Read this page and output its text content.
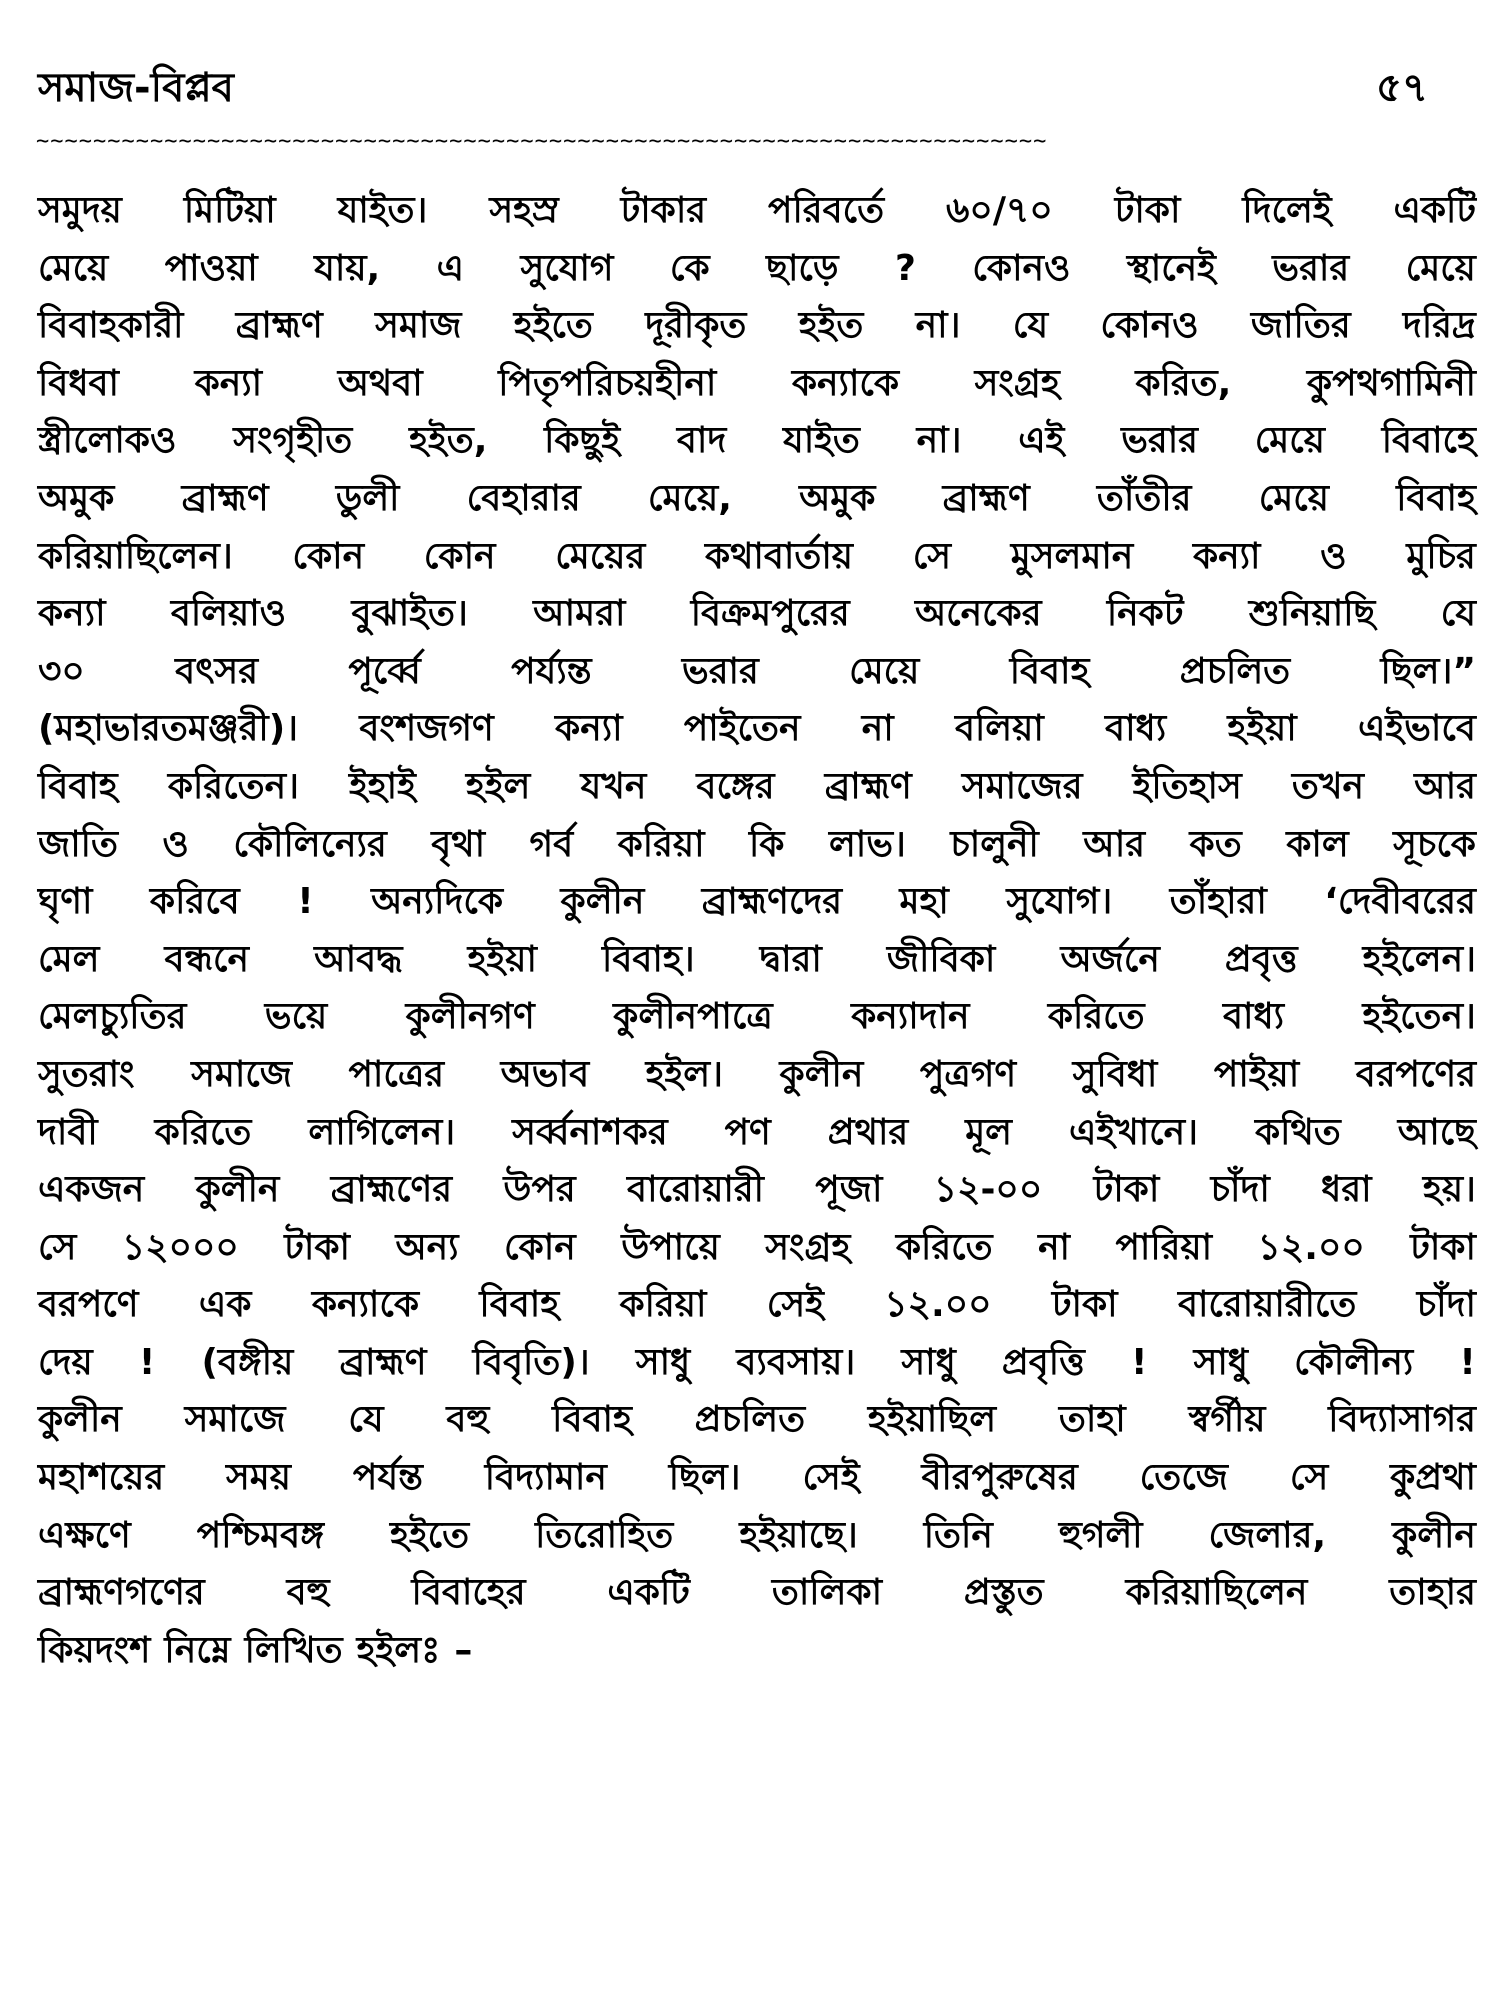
সমাজ-বিপ্লব	৫৭
~~~~~~~~~~~~~~~~~~~~~~~~~~~~~~~~~~~~~~~~~~~~~~~~~~~~~~~~~~~~~~~~~~~~~~~
সমুদয় মিটিয়া যাইত। সহস্র টাকার পরিবর্তে ৬০/৭০ টাকা দিলেই একটি
মেয়ে পাওয়া যায়, এ সুযোগ কে ছাড়ে ? কোনও স্থানেই ভরার মেয়ে
বিবাহকারী ব্রাহ্মণ সমাজ হইতে দূরীকৃত হইত না। যে কোনও জাতির দরিদ্র
বিধবা কন্যা অথবা পিতৃপরিচয়হীনা কন্যাকে সংগ্রহ করিত, কুপথগামিনী
স্ত্রীলোকও সংগৃহীত হইত, কিছুই বাদ যাইত না। এই ভরার মেয়ে বিবাহে
অমুক ব্রাহ্মণ ডুলী বেহারার মেয়ে, অমুক ব্রাহ্মণ তাঁতীর মেয়ে বিবাহ
করিয়াছিলেন। কোন কোন মেয়ের কথাবার্তায় সে মুসলমান কন্যা ও মুচির
কন্যা বলিয়াও বুঝাইত। আমরা বিক্রমপুরের অনেকের নিকট শুনিয়াছি যে
৩০	বৎসর	পূর্ব্বে	পর্য্যন্ত	ভরার	মেয়ে	বিবাহ	প্রচলিত	ছিল।”
(মহাভারতমঞ্জরী)। বংশজগণ কন্যা পাইতেন না বলিয়া বাধ্য হইয়া এইভাবে
বিবাহ করিতেন। ইহাই হইল যখন বঙ্গের ব্রাহ্মণ সমাজের ইতিহাস তখন আর
জাতি ও কৌলিন্যের বৃথা গর্ব করিয়া কি লাভ। চালুনী আর কত কাল সূচকে
ঘৃণা করিবে ! অন্যদিকে কুলীন ব্রাহ্মণদের মহা সুযোগ। তাঁহারা ‘দেবীবরের
মেল বন্ধনে আবদ্ধ হইয়া বিবাহ। দ্বারা জীবিকা অর্জনে প্রবৃত্ত হইলেন।
মেলচ্যুতির ভয়ে কুলীনগণ কুলীনপাত্রে কন্যাদান করিতে বাধ্য হইতেন।
সুতরাং সমাজে পাত্রের অভাব হইল। কুলীন পুত্রগণ সুবিধা পাইয়া বরপণের
দাবী করিতে লাগিলেন। সর্ব্বনাশকর পণ প্রথার মূল এইখানে। কথিত আছে
একজন কুলীন ব্রাহ্মণের উপর বারোয়ারী পূজা ১২-০০ টাকা চাঁদা ধরা হয়।
সে ১২০০০ টাকা অন্য কোন উপায়ে সংগ্রহ করিতে না পারিয়া ১২.০০ টাকা
বরপণে এক কন্যাকে বিবাহ করিয়া সেই ১২.০০ টাকা বারোয়ারীতে চাঁদা
দেয় ! (বঙ্গীয় ব্রাহ্মণ বিবৃতি)। সাধু ব্যবসায়। সাধু প্রবৃত্তি ! সাধু কৌলীন্য !
কুলীন সমাজে যে বহু বিবাহ প্রচলিত হইয়াছিল তাহা স্বর্গীয় বিদ্যাসাগর
মহাশয়ের সময় পর্যন্ত বিদ্যামান ছিল। সেই বীরপুরুষের তেজে সে কুপ্রথা
এক্ষণে পশ্চিমবঙ্গ হইতে তিরোহিত হইয়াছে। তিনি হুগলী জেলার, কুলীন
ব্রাহ্মণগণের বহু বিবাহের একটি তালিকা প্রস্তুত করিয়াছিলেন তাহার
কিয়দংশ নিম্নে লিখিত হইলঃ –
